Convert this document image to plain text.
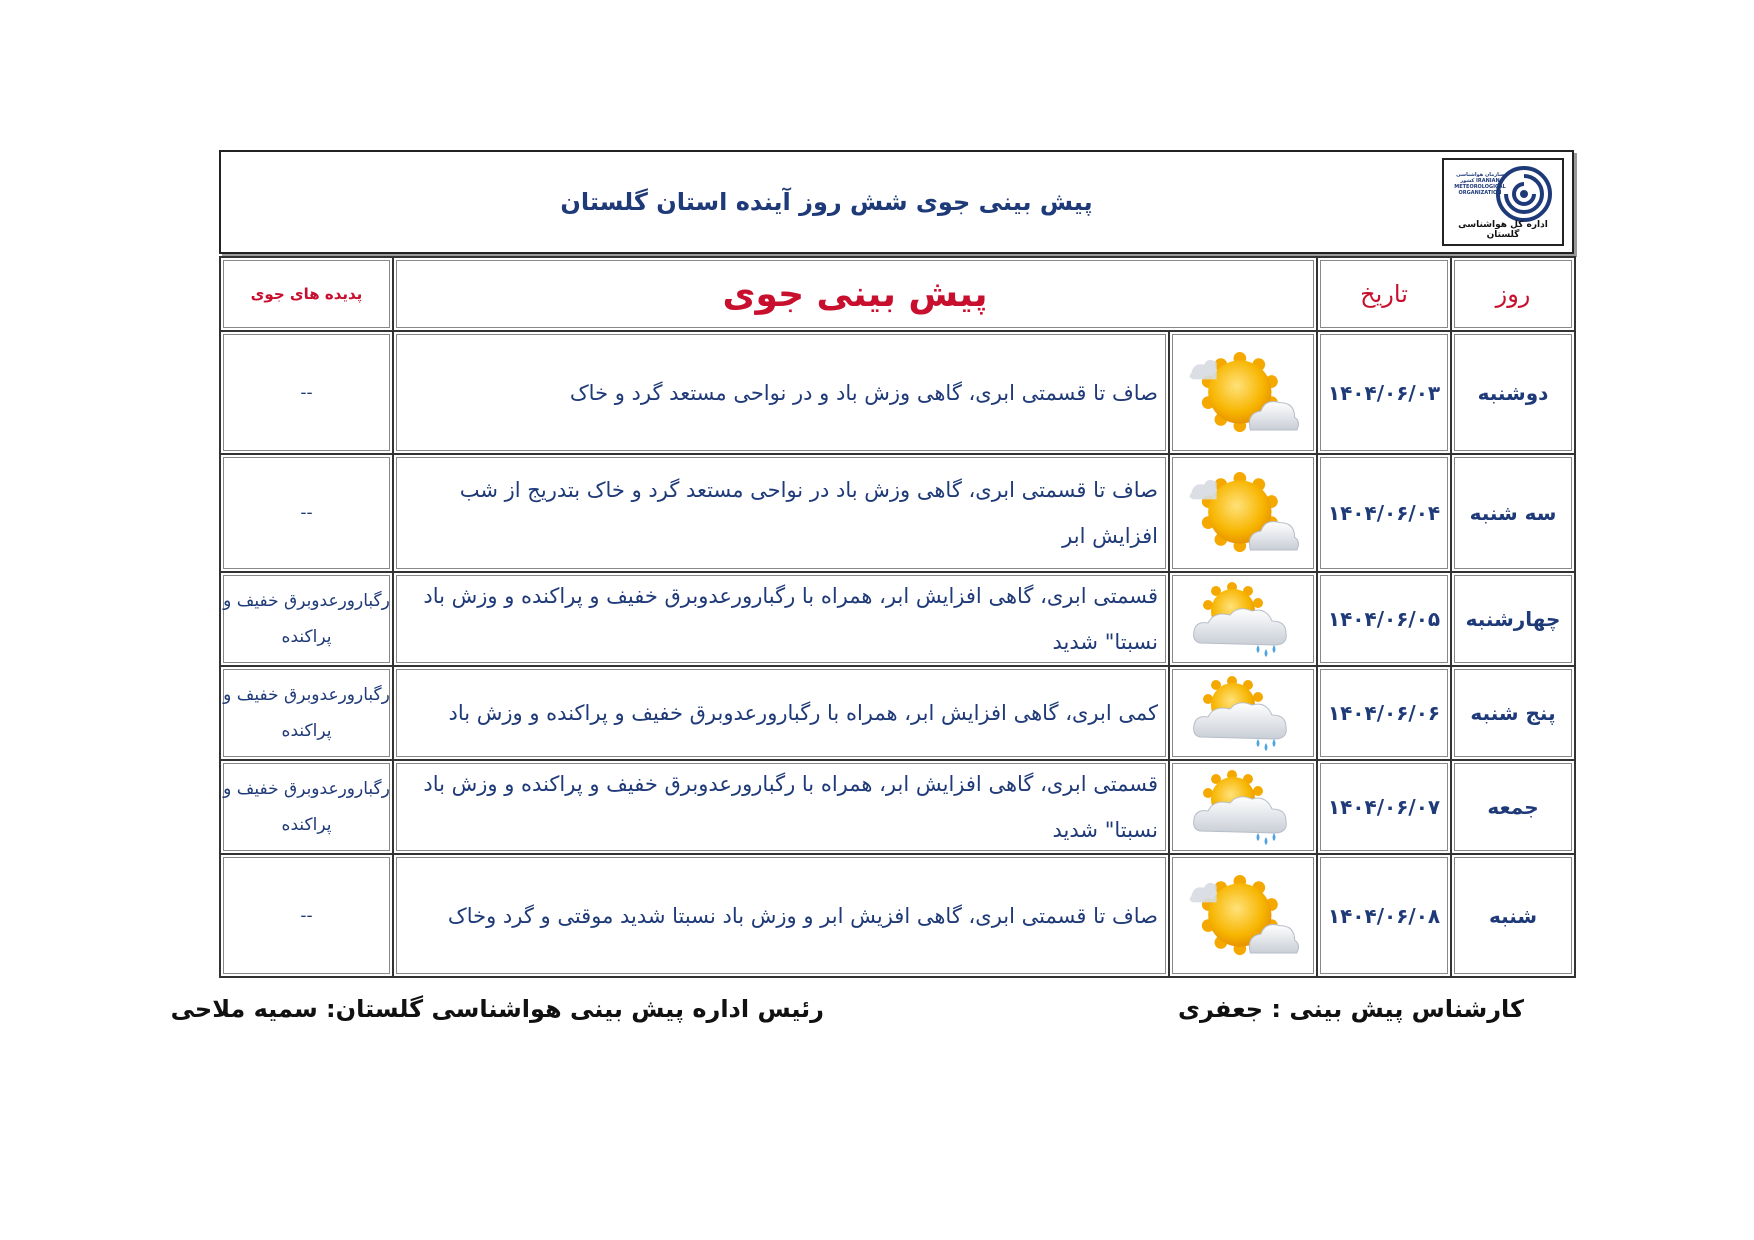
پیش بینی جوی شش روز آینده استان گلستان
سازمان هواشناسی کشور IRANIAN METEOROLOGICAL ORGANIZATION
اداره کل هواشناسی گلستان
روز	تاریخ	پیش بینی جوی		پدیده های جوی
دوشنبه	۱۴۰۴/۰۶/۰۳		صاف تا قسمتی ابری، گاهی وزش باد و در نواحی مستعد گرد و خاک	--
سه شنبه	۱۴۰۴/۰۶/۰۴		صاف تا قسمتی ابری، گاهی وزش باد در نواحی مستعد گرد و خاک بتدریج از شب افزایش ابر	--
چهارشنبه	۱۴۰۴/۰۶/۰۵		قسمتی ابری، گاهی افزایش ابر، همراه با رگبارورعدوبرق خفیف و پراکنده و وزش باد نسبتا" شدید	رگبارورعدوبرق خفیف و پراکنده
پنج شنبه	۱۴۰۴/۰۶/۰۶		کمی ابری، گاهی افزایش ابر، همراه با رگبارورعدوبرق خفیف و پراکنده و وزش باد	رگبارورعدوبرق خفیف و پراکنده
جمعه	۱۴۰۴/۰۶/۰۷		قسمتی ابری، گاهی افزایش ابر، همراه با رگبارورعدوبرق خفیف و پراکنده و وزش باد نسبتا" شدید	رگبارورعدوبرق خفیف و پراکنده
شنبه	۱۴۰۴/۰۶/۰۸		صاف تا قسمتی ابری، گاهی افزیش ابر و وزش باد نسبتا شدید موقتی و گرد وخاک	--
کارشناس پیش بینی : جعفری
رئیس اداره پیش بینی هواشناسی گلستان: سمیه ملاحی
